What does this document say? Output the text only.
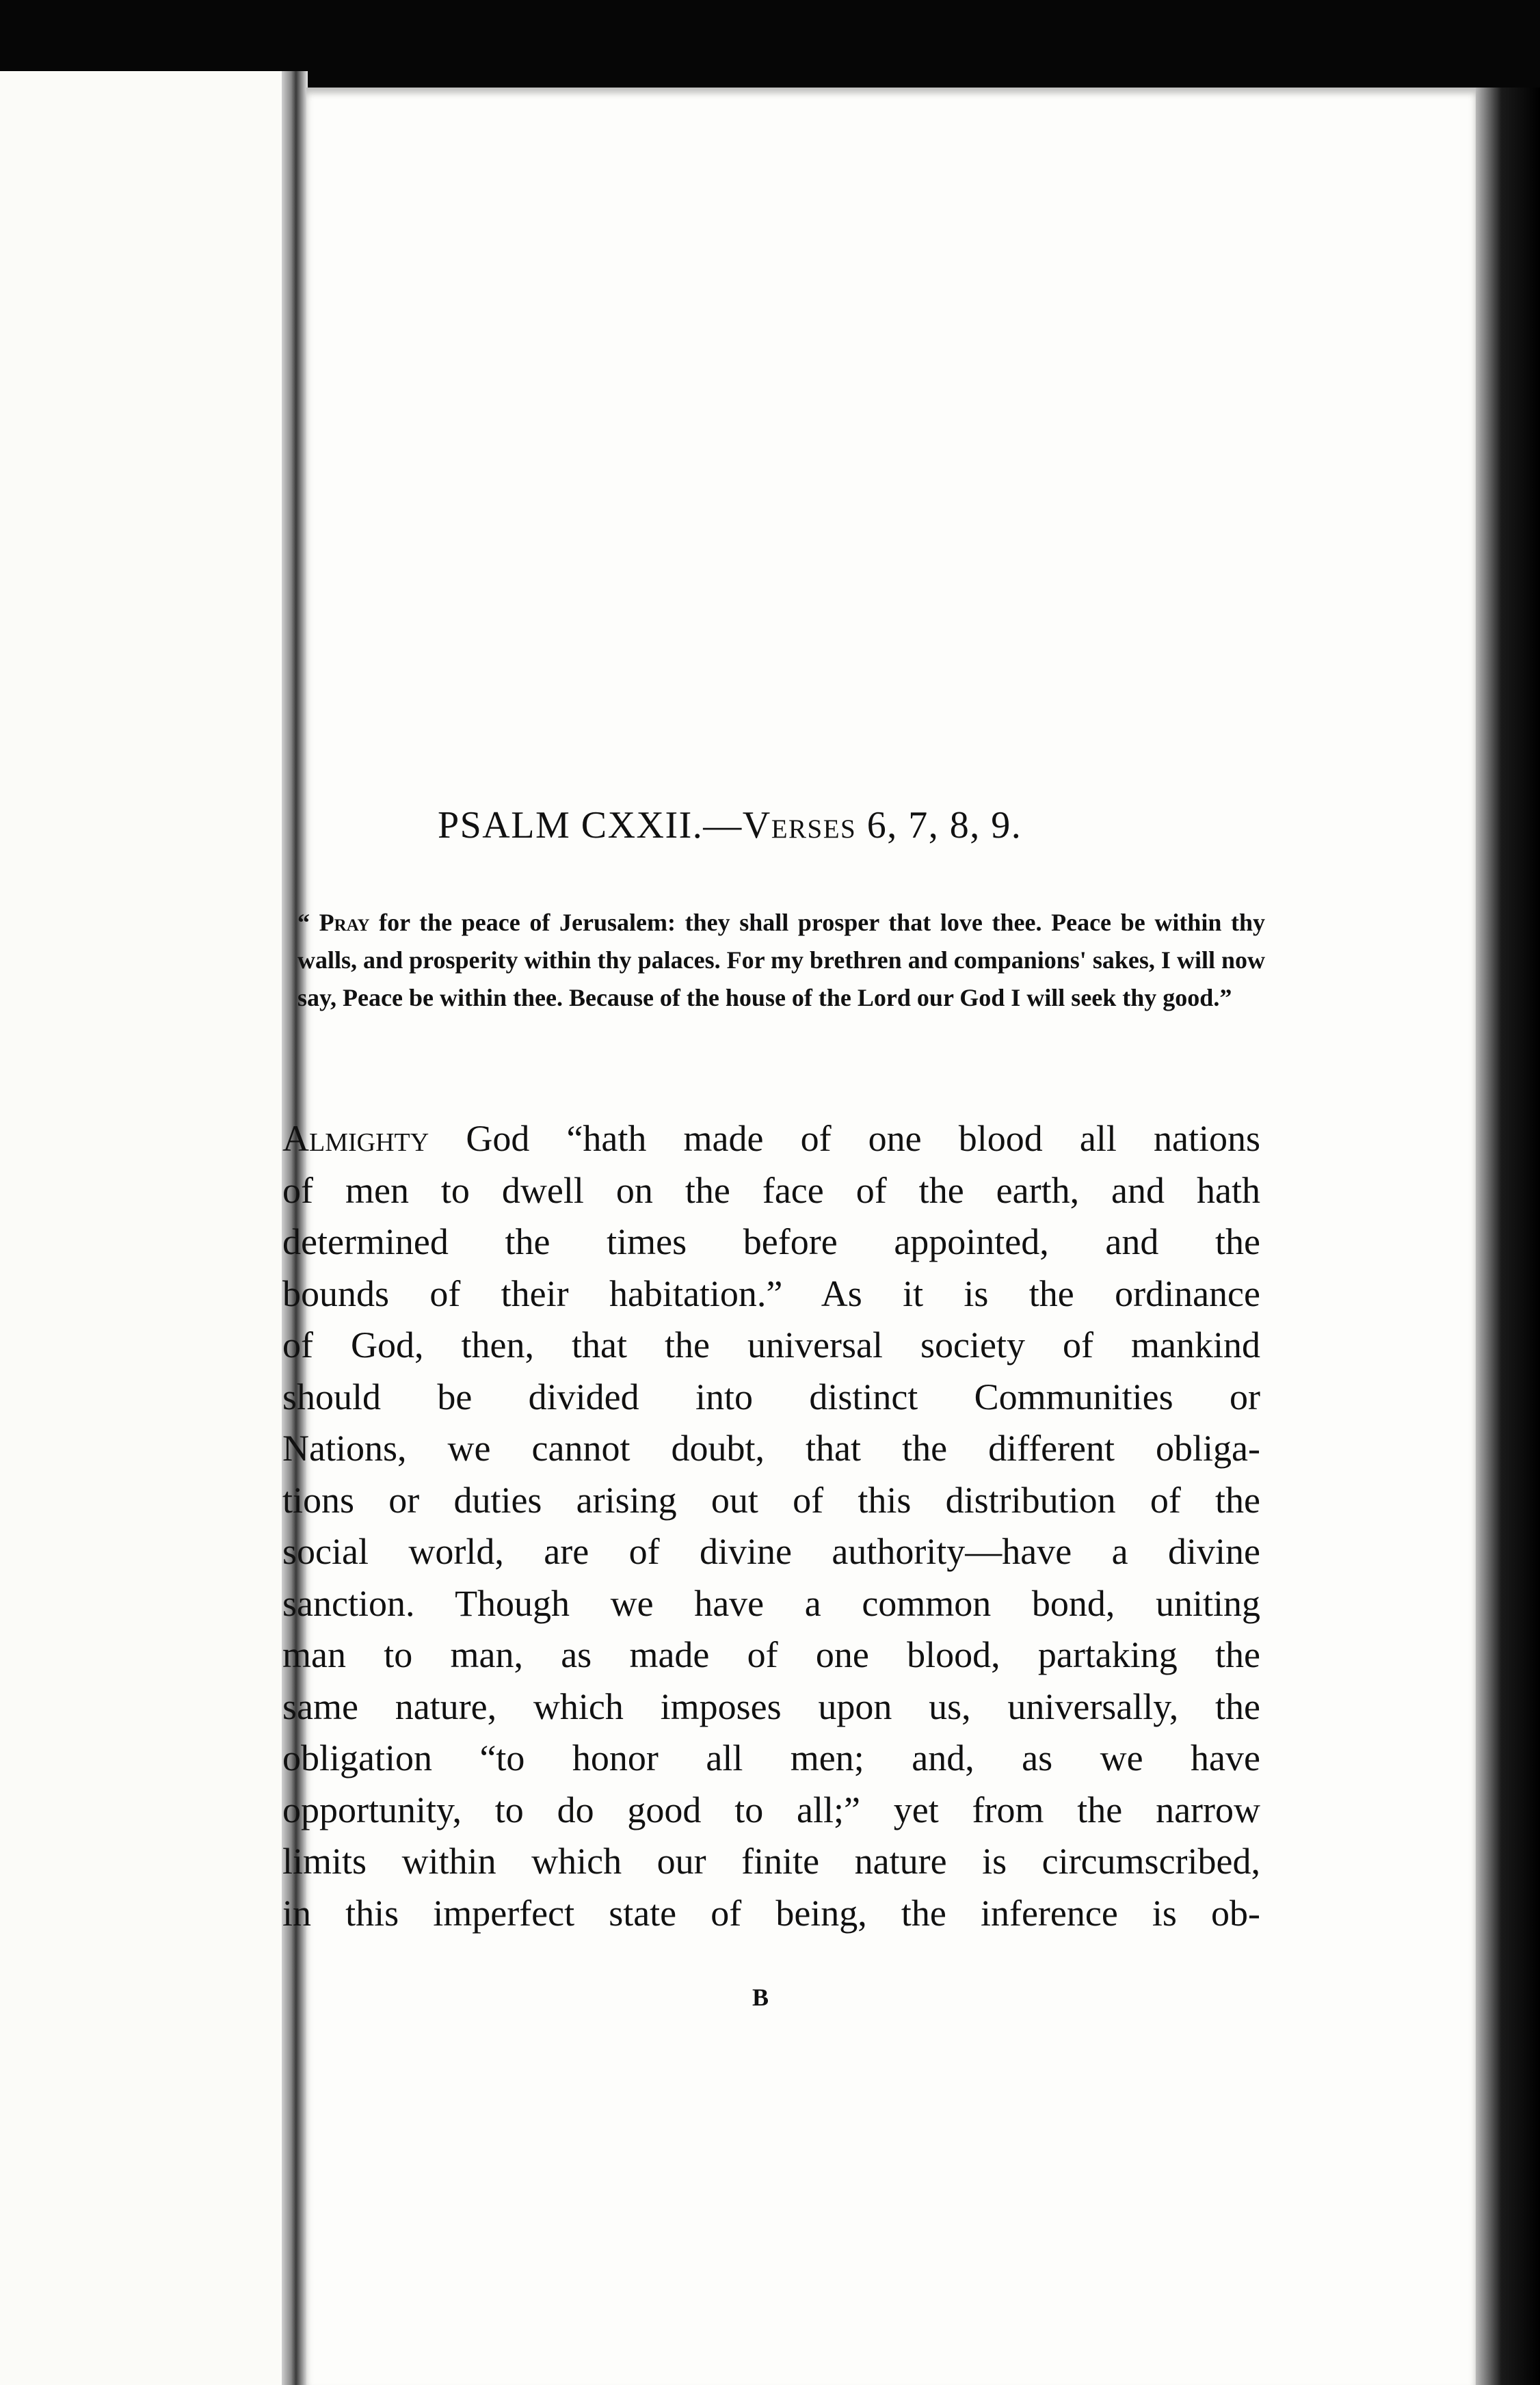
PSALM CXXII.—Verses 6, 7, 8, 9.

“ Pray for the peace of Jerusalem: they shall prosper that love thee. Peace be within thy walls, and prosperity within thy palaces. For my brethren and companions' sakes, I will now say, Peace be within thee. Because of the house of the Lord our God I will seek thy good.”

Almighty God “hath made of one blood all nations
of men to dwell on the face of the earth, and hath
determined the times before appointed, and the
bounds of their habitation.” As it is the ordinance
of God, then, that the universal society of mankind
should be divided into distinct Communities or
Nations, we cannot doubt, that the different obliga-
tions or duties arising out of this distribution of the
social world, are of divine authority—have a divine
sanction. Though we have a common bond, uniting
man to man, as made of one blood, partaking the
same nature, which imposes upon us, universally, the
obligation “to honor all men; and, as we have
opportunity, to do good to all;” yet from the narrow
limits within which our finite nature is circumscribed,
in this imperfect state of being, the inference is ob-

B
